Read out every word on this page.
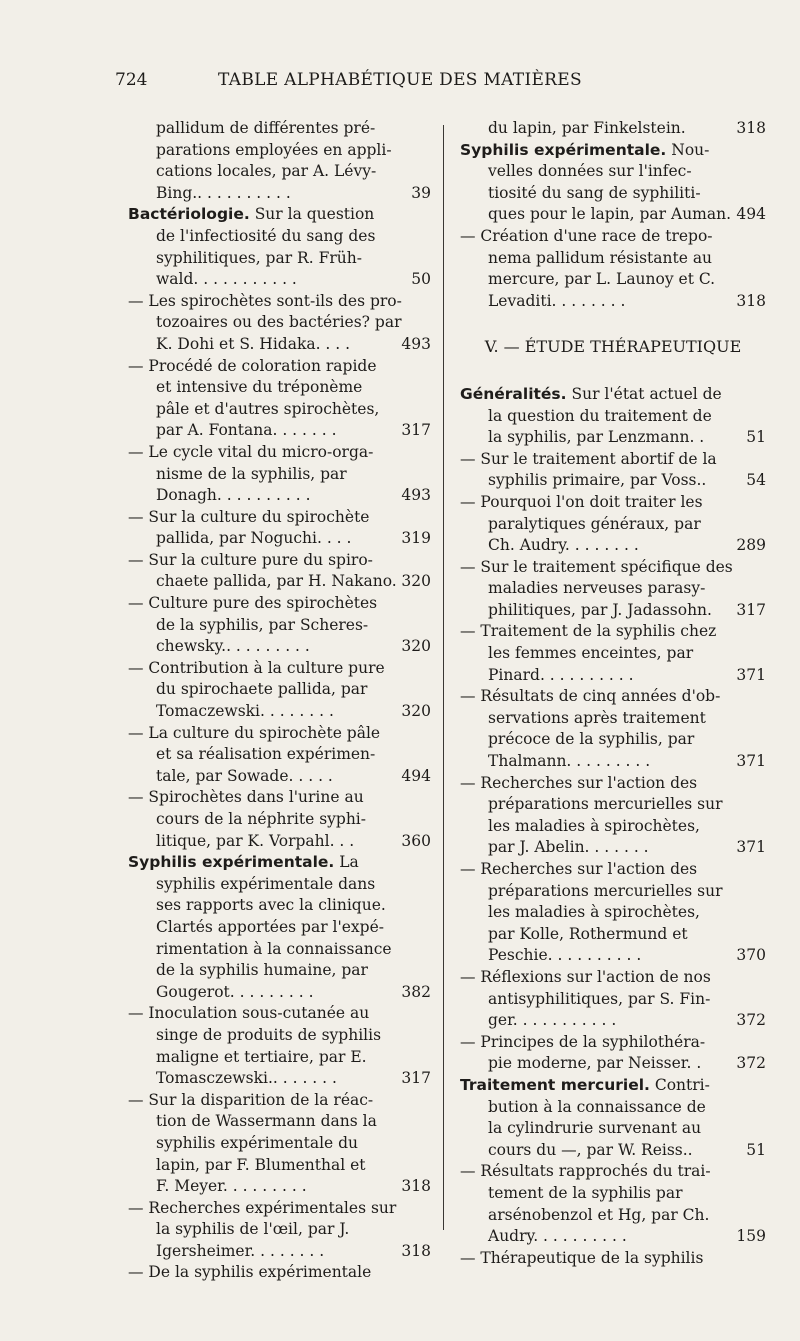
724	TABLE ALPHABÉTIQUE DES MATIÈRES
pallidum de différentes pré-
parations employées en appli-
cations locales, par A. Lévy-
Bing.. . . . . . . . . .	39
Bactériologie. Sur la question
de l'infectiosité du sang des
syphilitiques, par R. Früh-
wald. . . . . . . . . . .	50
— Les spirochètes sont-ils des pro-
tozoaires ou des bactéries? par
K. Dohi et S. Hidaka. . . .	493
— Procédé de coloration rapide
et intensive du tréponème
pâle et d'autres spirochètes,
par A. Fontana. . . . . . .	317
— Le cycle vital du micro-orga-
nisme de la syphilis, par
Donagh. . . . . . . . . .	493
— Sur la culture du spirochète
pallida, par Noguchi. . . .	319
— Sur la culture pure du spiro-
chaete pallida, par H. Nakano. 320
— Culture pure des spirochètes
de la syphilis, par Scheres-
chewsky.. . . . . . . . .	320
— Contribution à la culture pure
du spirochaete pallida, par
Tomaczewski. . . . . . . .	320
— La culture du spirochète pâle
et sa réalisation expérimen-
tale, par Sowade. . . . .	494
— Spirochètes dans l'urine au
cours de la néphrite syphi-
litique, par K. Vorpahl. . .	360
Syphilis expérimentale. La
syphilis expérimentale dans
ses rapports avec la clinique.
Clartés apportées par l'expé-
rimentation à la connaissance
de la syphilis humaine, par
Gougerot. . . . . . . . .	382
— Inoculation sous-cutanée au
singe de produits de syphilis
maligne et tertiaire, par E.
Tomasczewski.. . . . . . .	317
— Sur la disparition de la réac-
tion de Wassermann dans la
syphilis expérimentale du
lapin, par F. Blumenthal et
F. Meyer. . . . . . . . .	318
— Recherches expérimentales sur
la syphilis de l'œil, par J.
Igersheimer. . . . . . . .	318
— De la syphilis expérimentale
du lapin, par Finkelstein.	318
Syphilis expérimentale. Nou-
velles données sur l'infec-
tiosité du sang de syphiliti-
ques pour le lapin, par Auman. 494
— Création d'une race de trepo-
nema pallidum résistante au
mercure, par L. Launoy et C.
Levaditi. . . . . . . .	318
V. — ÉTUDE THÉRAPEUTIQUE
Généralités. Sur l'état actuel de
la question du traitement de
la syphilis, par Lenzmann. .	51
— Sur le traitement abortif de la
syphilis primaire, par Voss..	54
— Pourquoi l'on doit traiter les
paralytiques généraux, par
Ch. Audry. . . . . . . .	289
— Sur le traitement spécifique des
maladies nerveuses parasy-
philitiques, par J. Jadassohn. 317
— Traitement de la syphilis chez
les femmes enceintes, par
Pinard. . . . . . . . . .	371
— Résultats de cinq années d'ob-
servations après traitement
précoce de la syphilis, par
Thalmann. . . . . . . . .	371
— Recherches sur l'action des
préparations mercurielles sur
les maladies à spirochètes,
par J. Abelin. . . . . . .	371
— Recherches sur l'action des
préparations mercurielles sur
les maladies à spirochètes,
par Kolle, Rothermund et
Peschie. . . . . . . . . .	370
— Réflexions sur l'action de nos
antisyphilitiques, par S. Fin-
ger. . . . . . . . . . .	372
— Principes de la syphilothéra-
pie moderne, par Neisser. . 372
Traitement mercuriel. Contri-
bution à la connaissance de
la cylindrurie survenant au
cours du —, par W. Reiss..	51
— Résultats rapprochés du trai-
tement de la syphilis par
arsénobenzol et Hg, par Ch.
Audry. . . . . . . . . .	159
— Thérapeutique de la syphilis
